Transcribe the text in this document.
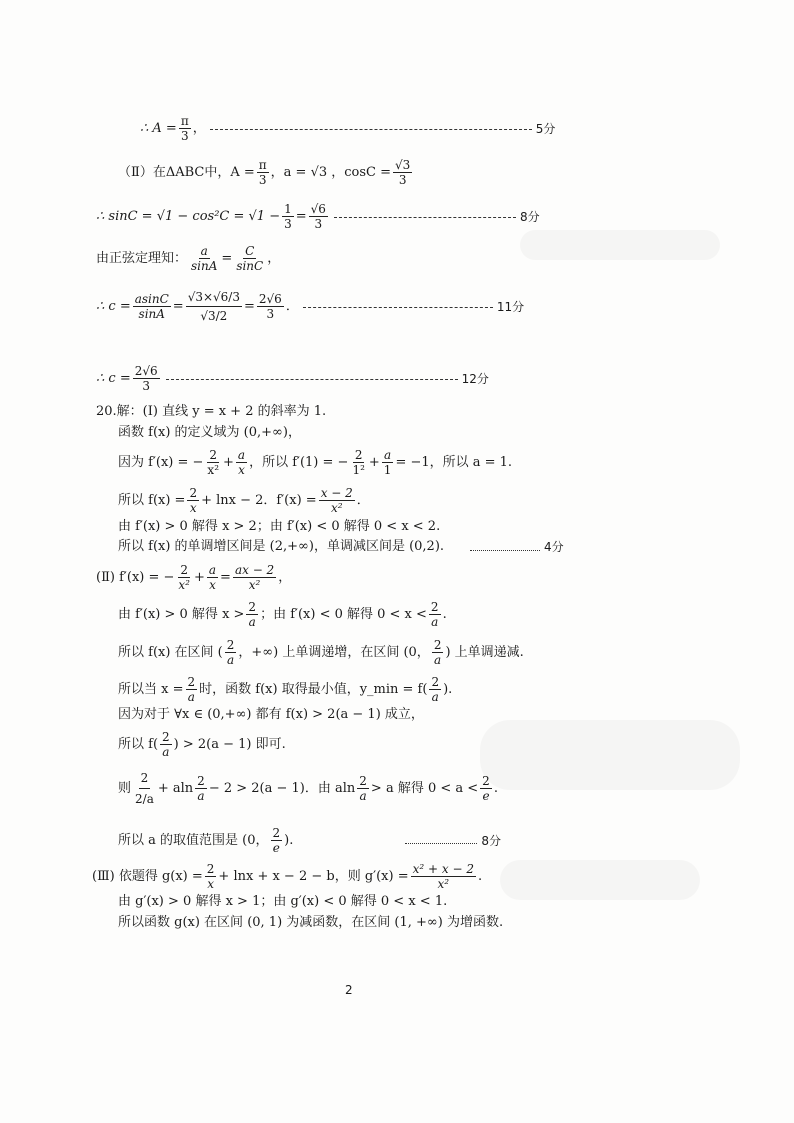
∴ $A = \frac{\pi}{3}$ ，	5分
（Ⅱ）在ΔABC中，$A = \frac{\pi}{3}$ ，a = √3 ，$\cos C = \frac{√3}{3}$
∴ $\sin C = √1 - \cos^2C = √1 - \frac{1}{3} = \frac{√6}{3}$	8分
由正弦定理知： $\frac{a}{\sin A} = \frac{C}{\sin C}$ ，
∴ $c = \frac{asinC}{\sin A} = \frac{√3\times√6/3}{√3/2} = \frac{2√6}{3}$ ．	11分
∴ $c = \frac{2√6}{3}$	12分
20.解：(Ⅰ) 直线 y = x + 2 的斜率为 1.
函数 f(x) 的定义域为 (0,+∞)，
因为 f′(x) = − $\frac{2}{\text{x²}} + \frac{a}{x}$ ，所以 f′(1) = − $\frac{2}{\text{1²}} + \frac{a}{1} = -1$，所以 a = 1.
所以 $f(x) = \frac{2}{x} + \ln x - 2$．$f'(x) = \frac{x - 2}{\text{x²}}$ ．
由 f′(x) > 0 解得 x > 2；由 f′(x) < 0 解得 0 < x < 2.
所以 f(x) 的单调增区间是 (2,+∞)，单调减区间是 (0,2).	4分
(Ⅱ) f′(x) = − $\frac{2}{\text{x²}} + \frac{a}{x} = \frac{ax - 2}{\text{x²}}$ ，
由 f′(x) > 0 解得 $x > \frac{2}{a}$ ；由 f′(x) < 0 解得 $0 < x < \frac{2}{a}$ .
所以 f(x) 在区间 ( $\frac{2}{a}$ ，+∞) 上单调递增，在区间 (0， $\frac{2}{a}$ ) 上单调递减.
所以当 $x = \frac{2}{a}$ 时，函数 f(x) 取得最小值，y_min = $f( \frac{2}{a}$ ).
因为对于 ∀x ∈ (0,+∞) 都有 f(x) > 2(a − 1) 成立，
所以 $f( \frac{2}{a}$ ) > 2(a − 1) 即可.
则 $\frac{2}{2/a} + aln \frac{2}{a} - 2 > 2(a - 1)$．由 aln $\frac{2}{a} > a$ 解得 $0 < a < \frac{2}{e}$ .
所以 a 的取值范围是 (0， $\frac{2}{e}$ ).	8分
(Ⅲ) 依题得 $g(x) = \frac{2}{x} + \ln x + x - 2 - b$，则 $g'(x) = \frac{\text{x² + x − 2}}{\text{x²}}$ .
由 g′(x) > 0 解得 x > 1；由 g′(x) < 0 解得 0 < x < 1.
所以函数 g(x) 在区间 (0, 1) 为减函数，在区间 (1, +∞) 为增函数.
2
